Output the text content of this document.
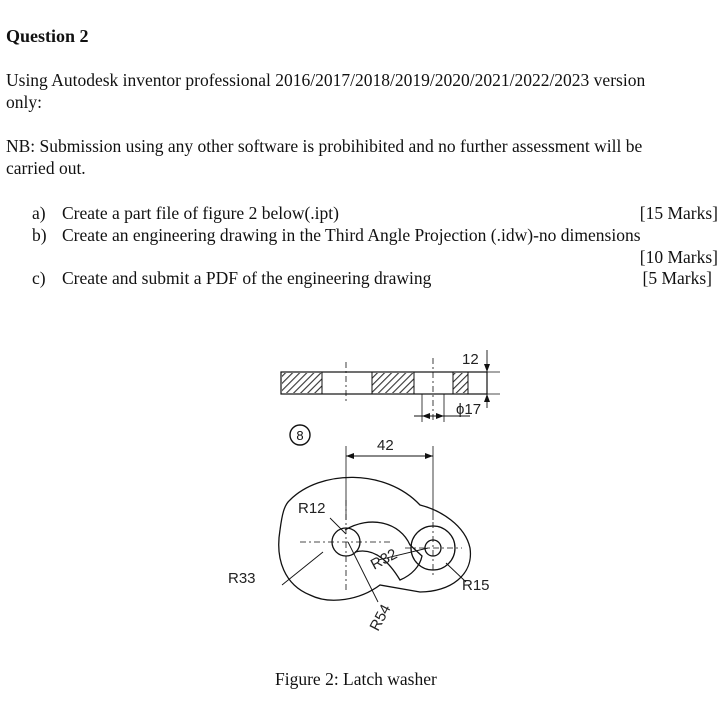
Question 2
Using Autodesk inventor professional 2016/2017/2018/2019/2020/2021/2022/2023 version
only:
NB: Submission using any other software is probihibited and no further assessment will be
carried out.
a) Create a part file of figure 2 below(.ipt)	[15 Marks]
b) Create an engineering drawing in the Third Angle Projection (.idw)-no dimensions
[10 Marks]
c) Create and submit a PDF of the engineering drawing	[5 Marks]
12
ϕ17
8
42
R12
R33
R32
R15
R54
Figure 2: Latch washer
